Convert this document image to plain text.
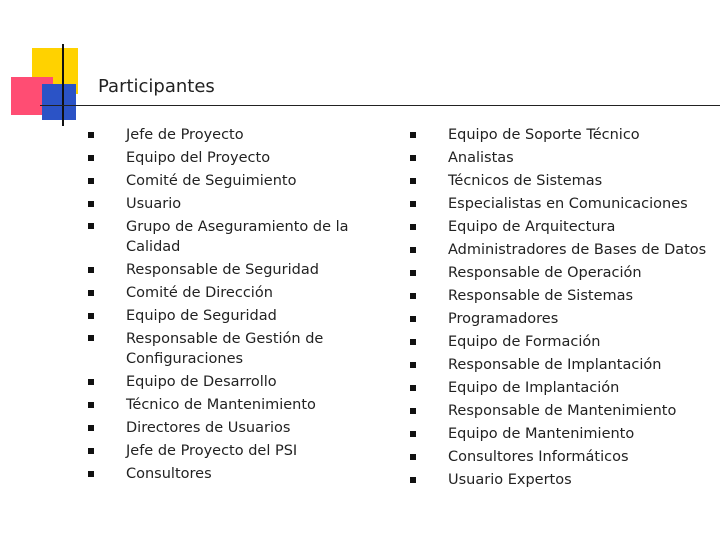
Participantes
Jefe de Proyecto
Equipo del Proyecto
Comité de Seguimiento
Usuario
Grupo de Aseguramiento de la Calidad
Responsable de Seguridad
Comité de Dirección
Equipo de Seguridad
Responsable de Gestión de Configuraciones
Equipo de Desarrollo
Técnico de Mantenimiento
Directores de Usuarios
Jefe de Proyecto del PSI
Consultores
Equipo de Soporte Técnico
Analistas
Técnicos de Sistemas
Especialistas en Comunicaciones
Equipo de Arquitectura
Administradores de Bases de Datos
Responsable de Operación
Responsable de Sistemas
Programadores
Equipo de Formación
Responsable de Implantación
Equipo de Implantación
Responsable de Mantenimiento
Equipo de Mantenimiento
Consultores Informáticos
Usuario Expertos
